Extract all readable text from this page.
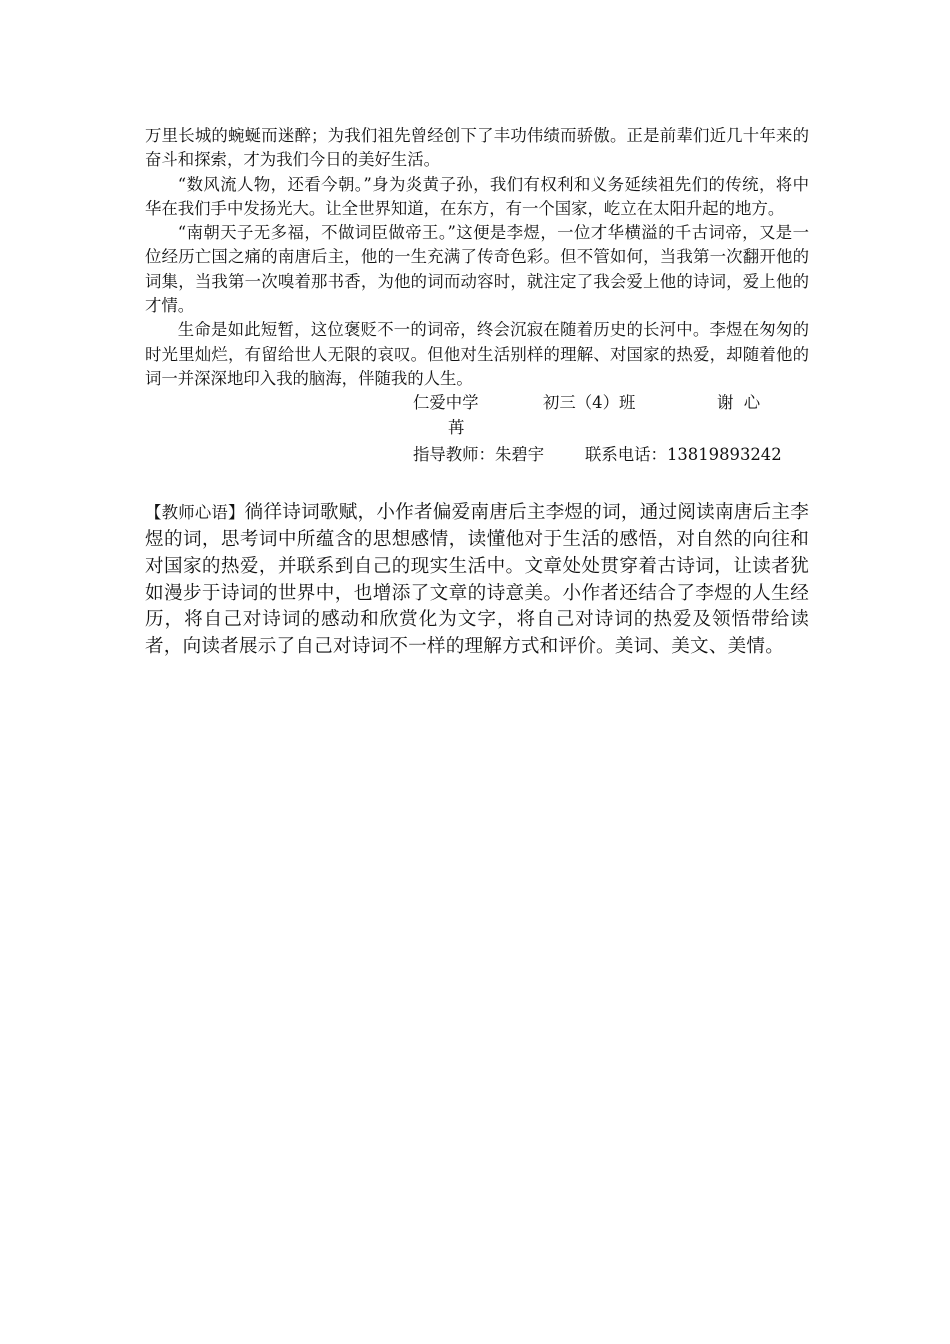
万里长城的蜿蜒而迷醉；为我们祖先曾经创下了丰功伟绩而骄傲。正是前辈们近几十年来的奋斗和探索，才为我们今日的美好生活。

“数风流人物，还看今朝。”身为炎黄子孙，我们有权利和义务延续祖先们的传统，将中华在我们手中发扬光大。让全世界知道，在东方，有一个国家，屹立在太阳升起的地方。

“南朝天子无多福，不做词臣做帝王。”这便是李煜，一位才华横溢的千古词帝，又是一位经历亡国之痛的南唐后主，他的一生充满了传奇色彩。但不管如何，当我第一次翻开他的词集，当我第一次嗅着那书香，为他的词而动容时，就注定了我会爱上他的诗词，爱上他的才情。

生命是如此短暂，这位褒贬不一的词帝，终会沉寂在随着历史的长河中。李煜在匆匆的时光里灿烂，有留给世人无限的哀叹。但他对生活别样的理解、对国家的热爱，却随着他的词一并深深地印入我的脑海，伴随我的人生。

仁爱中学	初三（4）班	谢  心
苒
指导教师：朱碧宇 联系电话：13819893242

【教师心语】徜徉诗词歌赋，小作者偏爱南唐后主李煜的词，通过阅读南唐后主李煜的词，思考词中所蕴含的思想感情，读懂他对于生活的感悟，对自然的向往和对国家的热爱，并联系到自己的现实生活中。文章处处贯穿着古诗词，让读者犹如漫步于诗词的世界中，也增添了文章的诗意美。小作者还结合了李煜的人生经历，将自己对诗词的感动和欣赏化为文字，将自己对诗词的热爱及领悟带给读者，向读者展示了自己对诗词不一样的理解方式和评价。美词、美文、美情。
